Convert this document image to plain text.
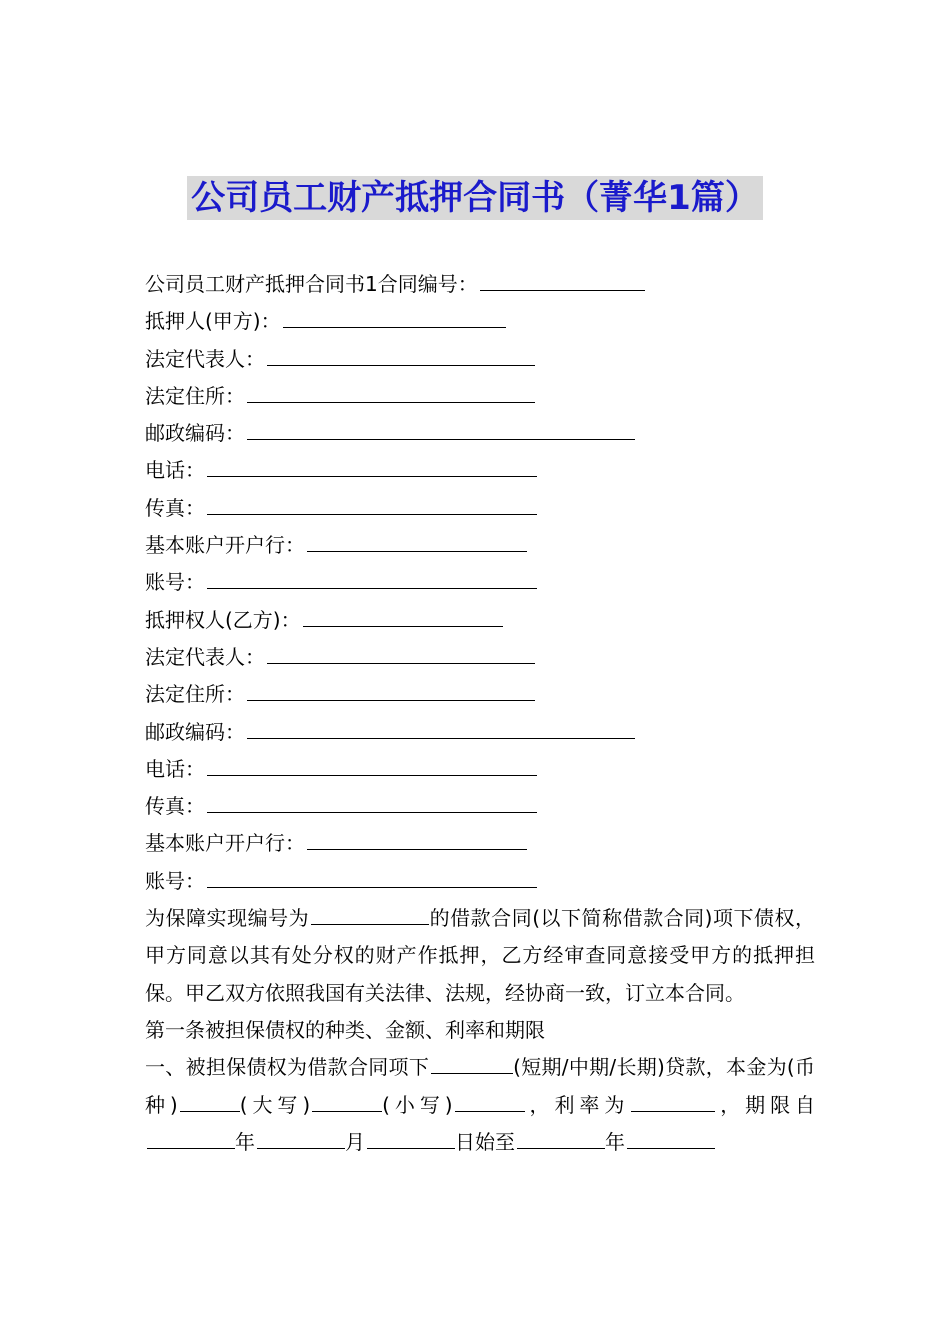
公司员工财产抵押合同书（菁华1篇）
公司员工财产抵押合同书1合同编号：
抵押人(甲方)：
法定代表人：
法定住所：
邮政编码：
电话：
传真：
基本账户开户行：
账号：
抵押权人(乙方)：
法定代表人：
法定住所：
邮政编码：
电话：
传真：
基本账户开户行：
账号：
为保障实现编号为	的借款合同(以下简称借款合同)项下债权，甲方同意以其有处分权的财产作抵押，乙方经审查同意接受甲方的抵押担保。甲乙双方依照我国有关法律、法规，经协商一致，订立本合同。
第一条被担保债权的种类、金额、利率和期限
一、被担保债权为借款合同项下	(短期/中期/长期)贷款，本金为(币种)	(大写)	(小写)	，利率为	，期限自年	月	日始至	年
